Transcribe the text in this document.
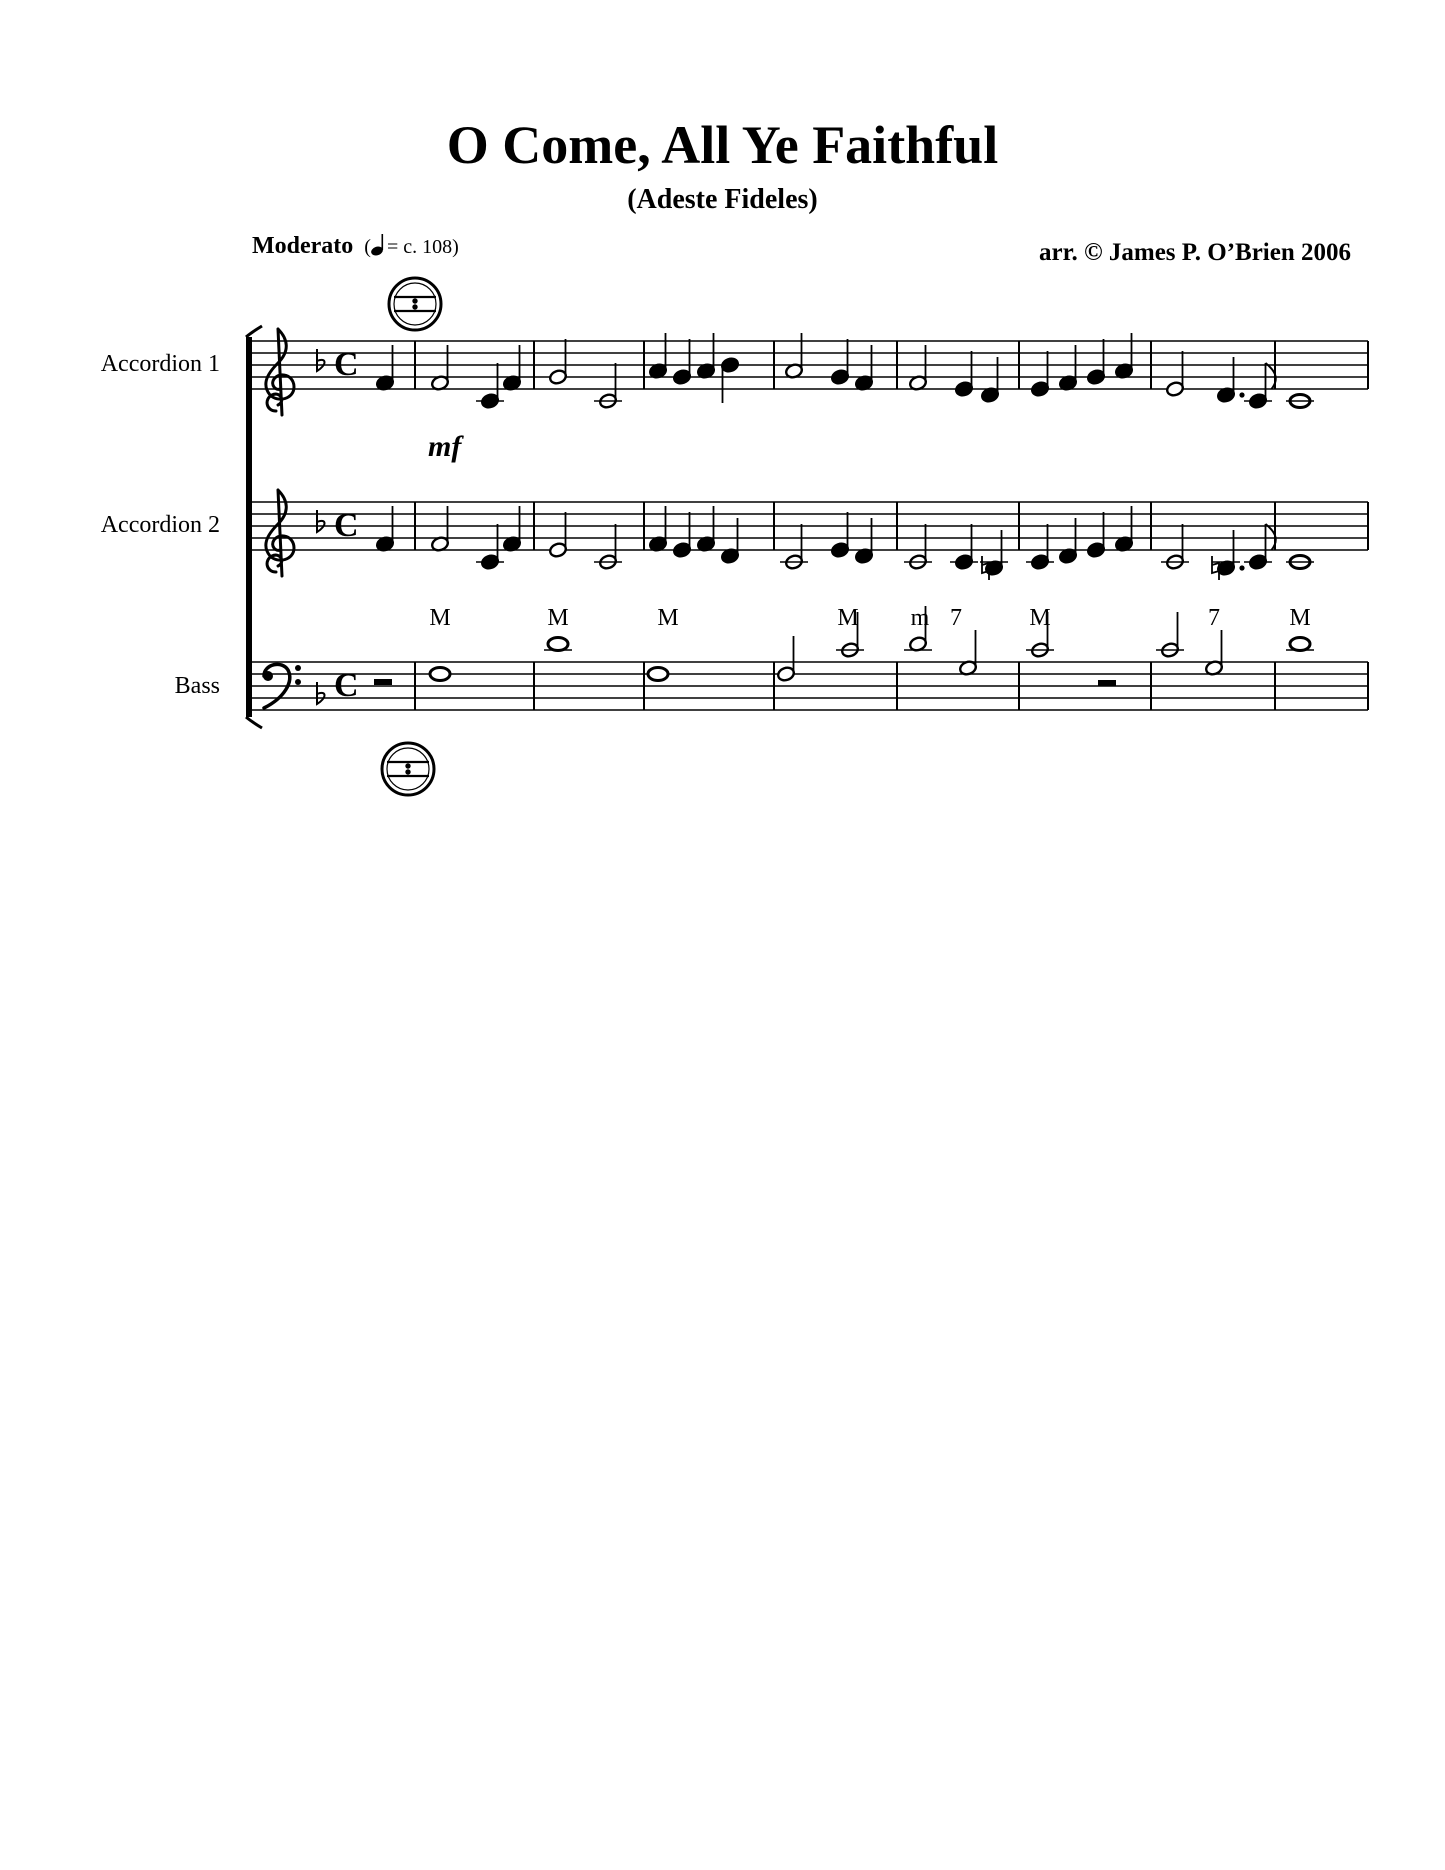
O Come, All Ye Faithful
(Adeste Fideles)
Moderato  ( = c. 108)	arr. © James P. O’Brien 2006
Accordion 1
Accordion 2
Bass
mf
C
C
C
M	M	M	M m 7	M	7	M
